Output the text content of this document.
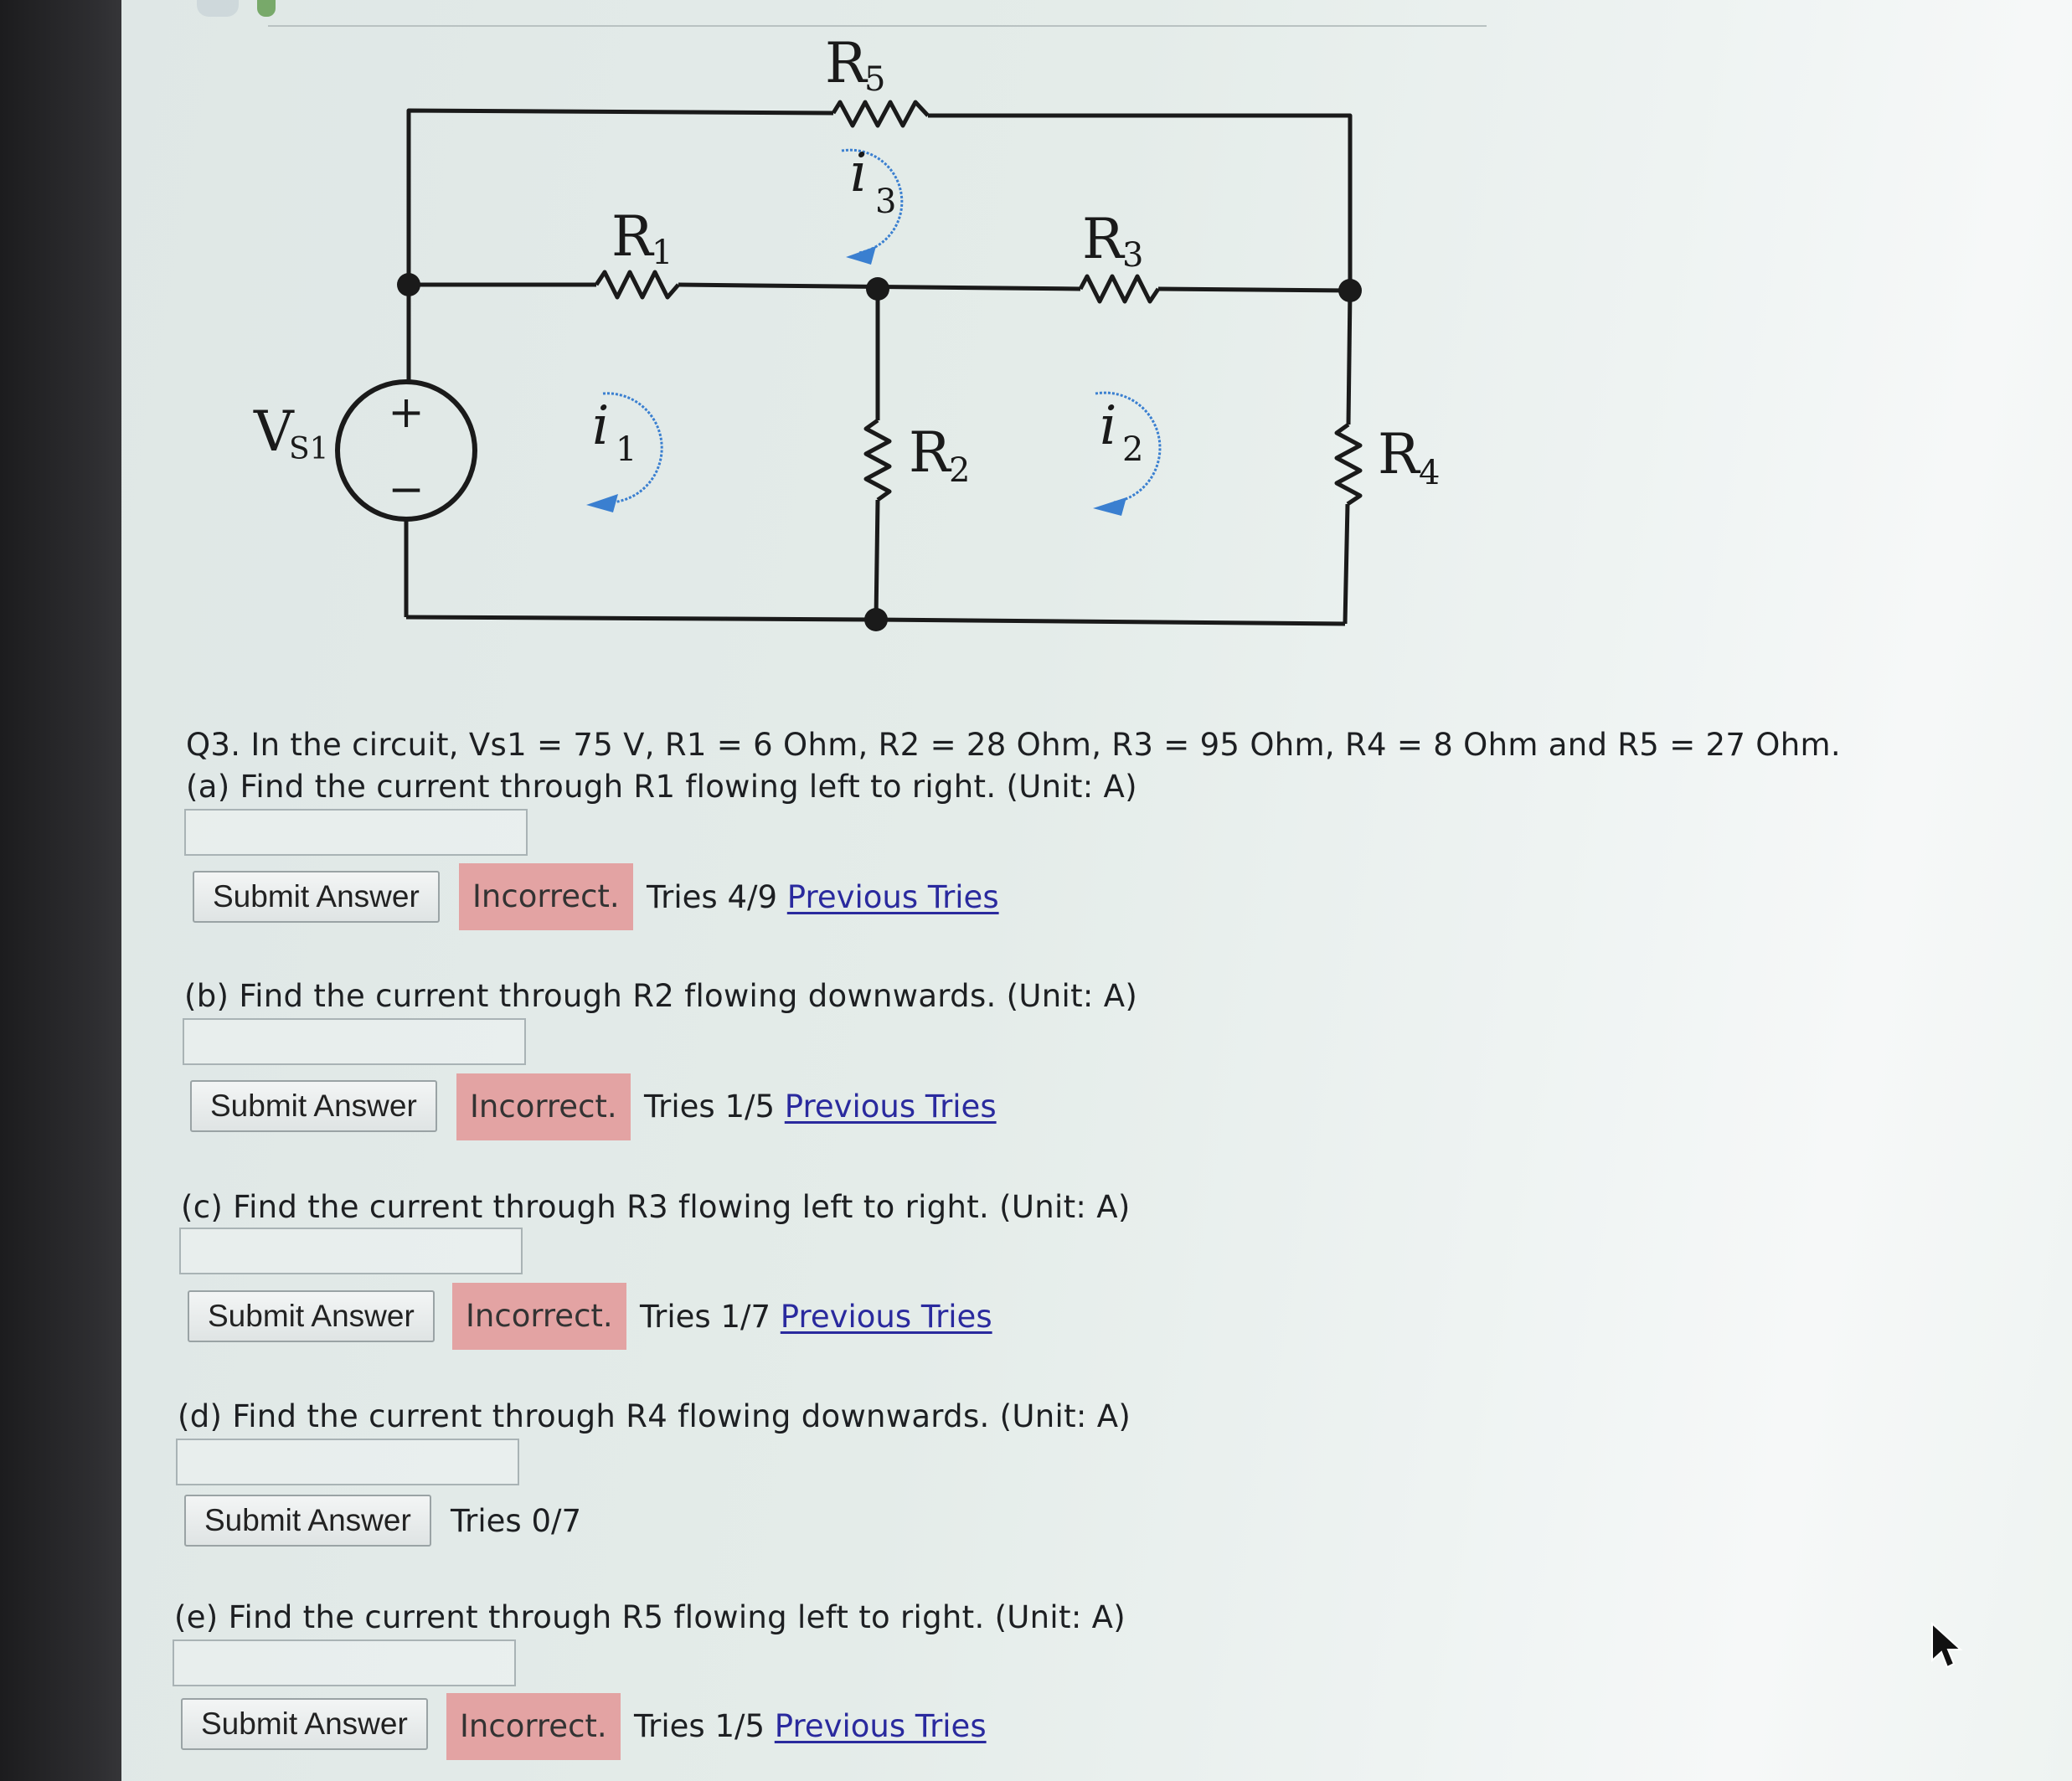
+
−
R
5
R
1	R
3
R
2	R 4
V
S1
i 3
i 1	i 2
Q3. In the circuit, Vs1 = 75 V, R1 = 6 Ohm, R2 = 28 Ohm, R3 = 95 Ohm, R4 = 8 Ohm and R5 = 27 Ohm.
(a) Find the current through R1 flowing left to right. (Unit: A)
Submit Answer	Incorrect. Tries 4/9 Previous Tries
(b) Find the current through R2 flowing downwards. (Unit: A)
Submit Answer	Incorrect. Tries 1/5 Previous Tries
(c) Find the current through R3 flowing left to right. (Unit: A)
Submit Answer	Incorrect. Tries 1/7 Previous Tries
(d) Find the current through R4 flowing downwards. (Unit: A)
Submit Answer	Tries 0/7
(e) Find the current through R5 flowing left to right. (Unit: A)
Submit Answer	Incorrect. Tries 1/5 Previous Tries
